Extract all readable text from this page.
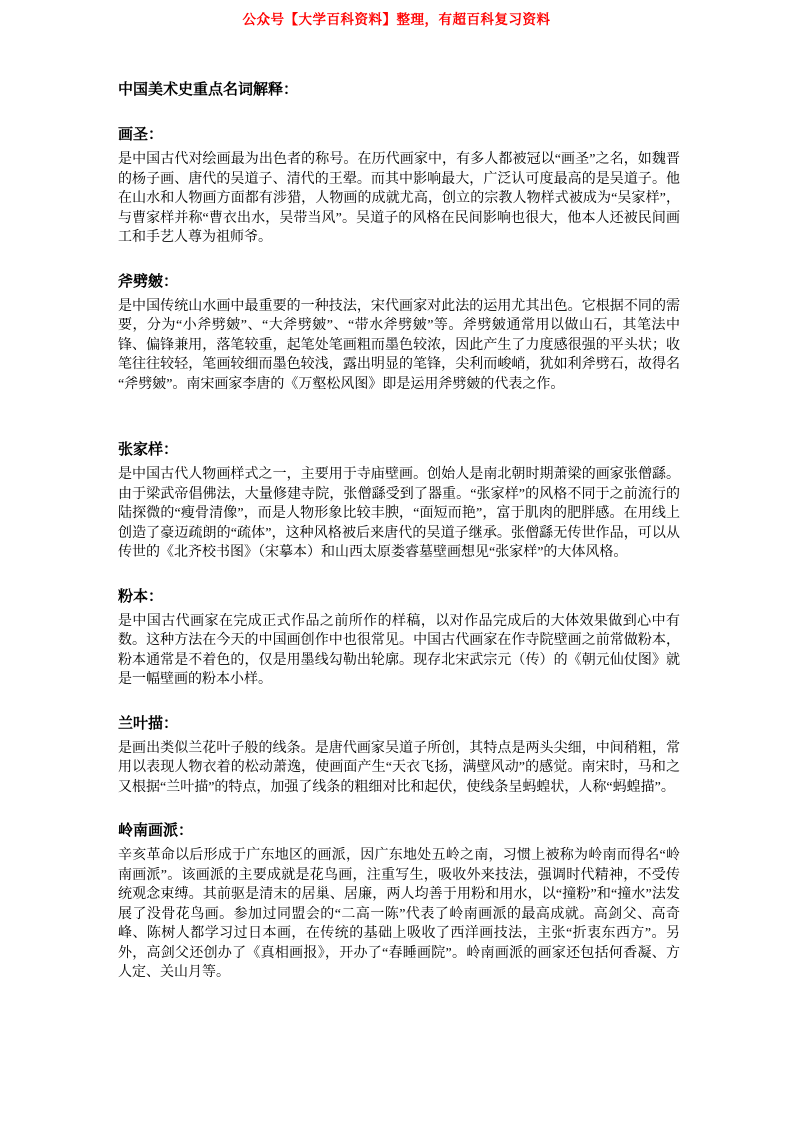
公众号【大学百科资料】整理，有超百科复习资料
中国美术史重点名词解释：
画圣：

是中国古代对绘画最为出色者的称号。在历代画家中，有多人都被冠以“画圣”之名，如魏晋的杨子画、唐代的吴道子、清代的王翚。而其中影响最大，广泛认可度最高的是吴道子。他在山水和人物画方面都有涉猎，人物画的成就尤高，创立的宗教人物样式被成为“吴家样”，与曹家样并称“曹衣出水，吴带当风”。吴道子的风格在民间影响也很大，他本人还被民间画工和手艺人尊为祖师爷。

斧劈皴：

是中国传统山水画中最重要的一种技法，宋代画家对此法的运用尤其出色。它根据不同的需要，分为“小斧劈皴”、“大斧劈皴”、“带水斧劈皴”等。斧劈皴通常用以做山石，其笔法中锋、偏锋兼用，落笔较重，起笔处笔画粗而墨色较浓，因此产生了力度感很强的平头状；收笔往往较轻，笔画较细而墨色较浅，露出明显的笔锋，尖利而峻峭，犹如利斧劈石，故得名“斧劈皴”。南宋画家李唐的《万壑松风图》即是运用斧劈皴的代表之作。

张家样：

是中国古代人物画样式之一，主要用于寺庙壁画。创始人是南北朝时期萧梁的画家张僧繇。由于梁武帝倡佛法，大量修建寺院，张僧繇受到了器重。“张家样”的风格不同于之前流行的陆探微的“瘦骨清像”，而是人物形象比较丰腴，“面短而艳”，富于肌肉的肥胖感。在用线上创造了豪迈疏朗的“疏体”，这种风格被后来唐代的吴道子继承。张僧繇无传世作品，可以从传世的《北齐校书图》（宋摹本）和山西太原娄睿墓壁画想见“张家样”的大体风格。

粉本：

是中国古代画家在完成正式作品之前所作的样稿，以对作品完成后的大体效果做到心中有数。这种方法在今天的中国画创作中也很常见。中国古代画家在作寺院壁画之前常做粉本，粉本通常是不着色的，仅是用墨线勾勒出轮廓。现存北宋武宗元（传）的《朝元仙仗图》就是一幅壁画的粉本小样。

兰叶描：

是画出类似兰花叶子般的线条。是唐代画家吴道子所创，其特点是两头尖细，中间稍粗，常用以表现人物衣着的松动萧逸，使画面产生“天衣飞扬，满壁风动”的感觉。南宋时，马和之又根据“兰叶描”的特点，加强了线条的粗细对比和起伏，使线条呈蚂蝗状，人称“蚂蝗描”。

岭南画派：

辛亥革命以后形成于广东地区的画派，因广东地处五岭之南，习惯上被称为岭南而得名“岭南画派”。该画派的主要成就是花鸟画，注重写生，吸收外来技法，强调时代精神，不受传统观念束缚。其前驱是清末的居巢、居廉，两人均善于用粉和用水，以“撞粉”和“撞水”法发展了没骨花鸟画。参加过同盟会的“二高一陈”代表了岭南画派的最高成就。高剑父、高奇峰、陈树人都学习过日本画，在传统的基础上吸收了西洋画技法，主张“折衷东西方”。另外，高剑父还创办了《真相画报》，开办了“春睡画院”。岭南画派的画家还包括何香凝、方人定、关山月等。
